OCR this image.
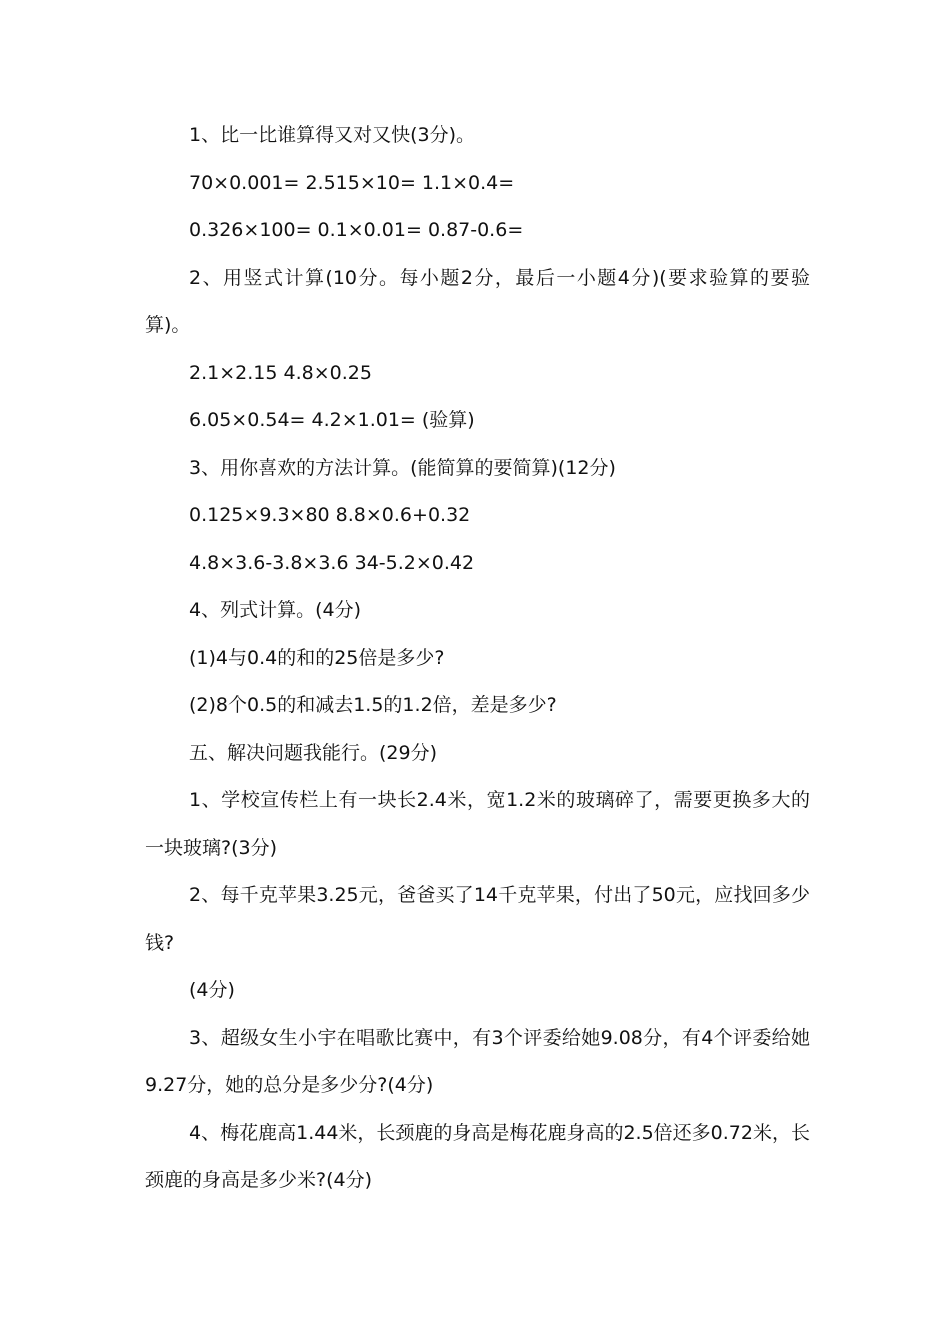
1、比一比谁算得又对又快(3分)。

70×0.001= 2.515×10= 1.1×0.4=

0.326×100= 0.1×0.01= 0.87-0.6=

2、用竖式计算(10分。每小题2分，最后一小题4分)(要求验算的要验算)。

2.1×2.15 4.8×0.25

6.05×0.54= 4.2×1.01= (验算)

3、用你喜欢的方法计算。(能简算的要简算)(12分)

0.125×9.3×80 8.8×0.6+0.32

4.8×3.6-3.8×3.6 34-5.2×0.42

4、列式计算。(4分)

(1)4与0.4的和的25倍是多少?

(2)8个0.5的和减去1.5的1.2倍，差是多少?

五、解决问题我能行。(29分)

1、学校宣传栏上有一块长2.4米，宽1.2米的玻璃碎了，需要更换多大的一块玻璃?(3分)

2、每千克苹果3.25元，爸爸买了14千克苹果，付出了50元，应找回多少钱?

(4分)

3、超级女生小宇在唱歌比赛中，有3个评委给她9.08分，有4个评委给她9.27分，她的总分是多少分?(4分)

4、梅花鹿高1.44米，长颈鹿的身高是梅花鹿身高的2.5倍还多0.72米，长颈鹿的身高是多少米?(4分)
